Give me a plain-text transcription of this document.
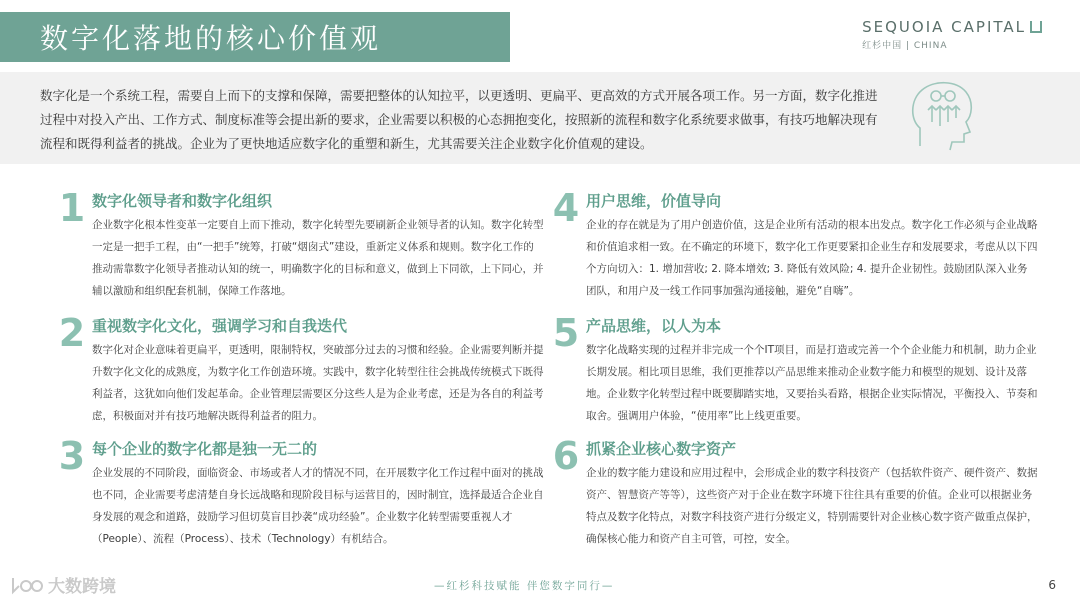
数字化落地的核心价值观	SEQUOIA CAPITAL
红杉中国 | CHINA

数字化是一个系统工程，需要自上而下的支撑和保障，需要把整体的认知拉平，以更透明、更扁平、更高效的方式开展各项工作。另一方面，数字化推进过程中对投入产出、工作方式、制度标准等会提出新的要求，企业需要以积极的心态拥抱变化，按照新的流程和数字化系统要求做事，有技巧地解决现有流程和既得利益者的挑战。企业为了更快地适应数字化的重塑和新生，尤其需要关注企业数字化价值观的建设。

1 数字化领导者和数字化组织
企业数字化根本性变革一定要自上而下推动，数字化转型先要刷新企业领导者的认知。数字化转型一定是一把手工程，由“一把手”统筹，打破“烟囱式”建设，重新定义体系和规则。数字化工作的推动需靠数字化领导者推动认知的统一，明确数字化的目标和意义，做到上下同欲，上下同心，并辅以激励和组织配套机制，保障工作落地。
2 重视数字化文化，强调学习和自我迭代
数字化对企业意味着更扁平，更透明，限制特权，突破部分过去的习惯和经验。企业需要判断并提升数字化文化的成熟度，为数字化工作创造环境。实践中，数字化转型往往会挑战传统模式下既得利益者，这犹如向他们发起革命。企业管理层需要区分这些人是为企业考虑，还是为各自的利益考虑，积极面对并有技巧地解决既得利益者的阻力。
3 每个企业的数字化都是独一无二的
企业发展的不同阶段，面临资金、市场或者人才的情况不同，在开展数字化工作过程中面对的挑战也不同，企业需要考虑清楚自身长远战略和现阶段目标与运营目的，因时制宜，选择最适合企业自身发展的观念和道路，鼓励学习但切莫盲目抄袭“成功经验”。企业数字化转型需要重视人才（People）、流程（Process）、技术（Technology）有机结合。
4 用户思维，价值导向
企业的存在就是为了用户创造价值，这是企业所有活动的根本出发点。数字化工作必须与企业战略和价值追求相一致。在不确定的环境下，数字化工作更要紧扣企业生存和发展要求，考虑从以下四个方向切入：1. 增加营收; 2. 降本增效; 3. 降低有效风险; 4. 提升企业韧性。鼓励团队深入业务团队，和用户及一线工作同事加强沟通接触，避免“自嗨”。
5 产品思维，以人为本
数字化战略实现的过程并非完成一个个IT项目，而是打造或完善一个个企业能力和机制，助力企业长期发展。相比项目思维，我们更推荐以产品思维来推动企业数字能力和模型的规划、设计及落地。企业数字化转型过程中既要脚踏实地，又要抬头看路，根据企业实际情况，平衡投入、节奏和取舍。强调用户体验，“使用率”比上线更重要。
6 抓紧企业核心数字资产
企业的数字能力建设和应用过程中，会形成企业的数字科技资产（包括软件资产、硬件资产、数据资产、智慧资产等等），这些资产对于企业在数字环境下往往具有重要的价值。企业可以根据业务特点及数字化特点，对数字科技资产进行分级定义，特别需要针对企业核心数字资产做重点保护，确保核心能力和资产自主可管，可控，安全。
大数跨境	—红杉科技赋能 伴您数字同行—	6
